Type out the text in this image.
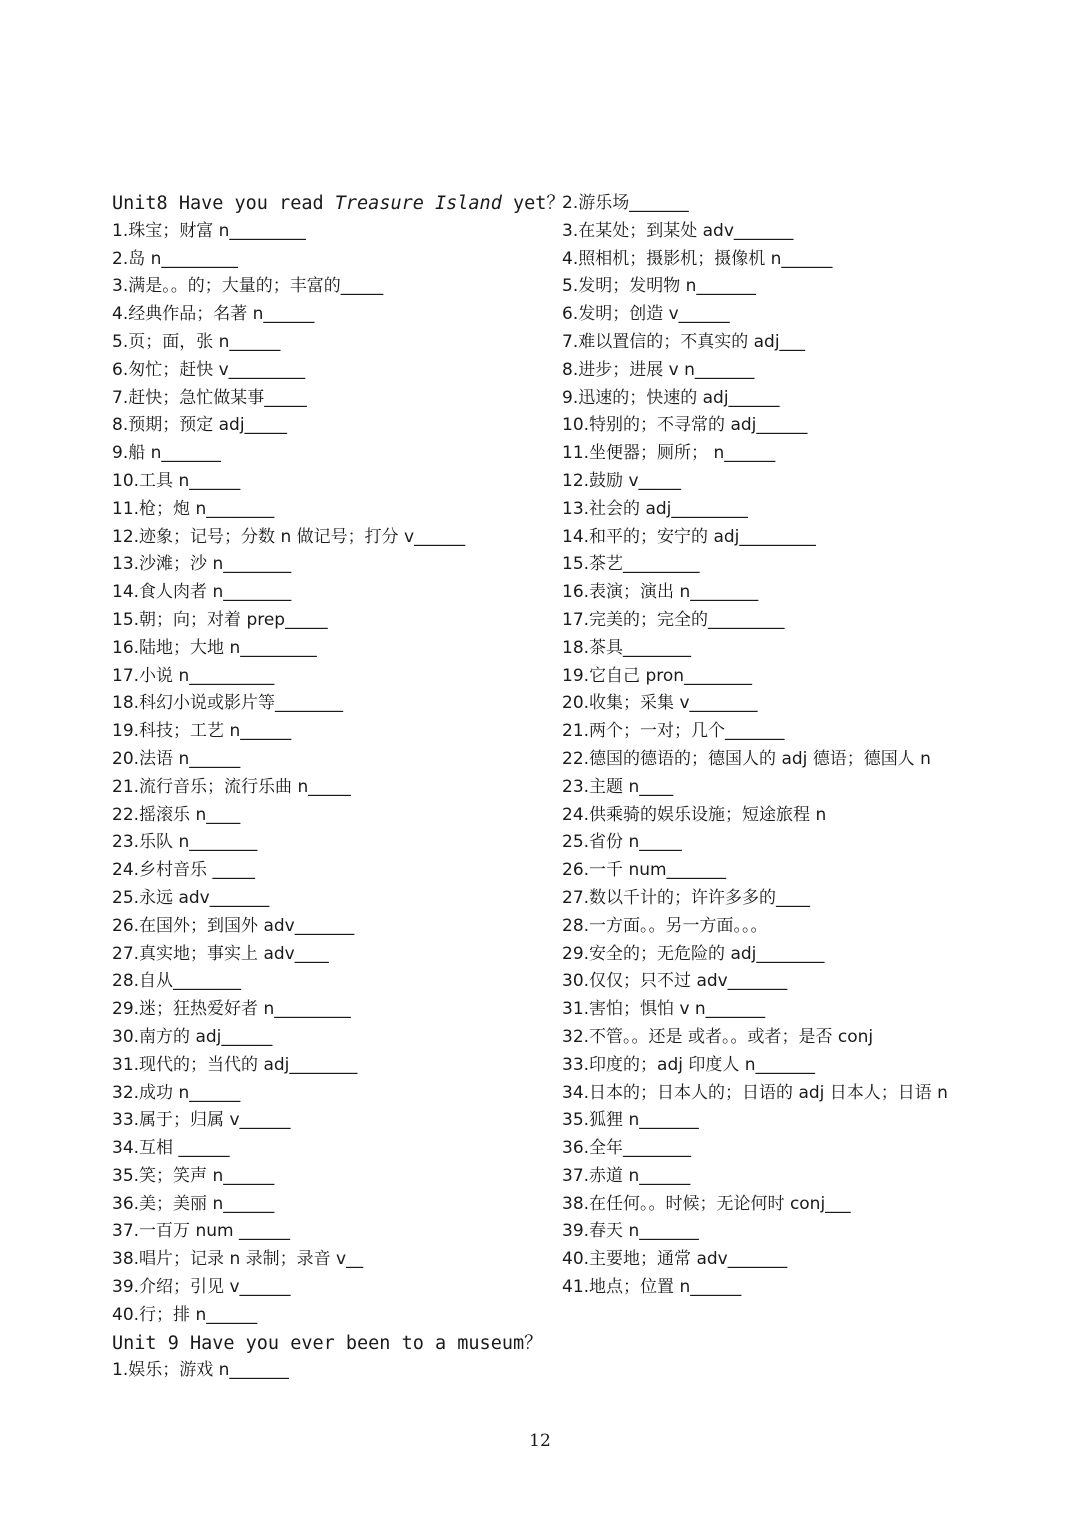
Unit8 Have you read Treasure Island yet？
1.珠宝；财富 n_________
2.岛 n_________
3.满是。。的；大量的；丰富的_____
4.经典作品；名著 n______
5.页；面，张 n______
6.匆忙；赶快 v_________
7.赶快；急忙做某事_____
8.预期；预定 adj_____
9.船 n_______
10.工具 n______
11.枪；炮 n________
12.迹象；记号；分数 n 做记号；打分 v______
13.沙滩；沙 n________
14.食人肉者 n________
15.朝；向；对着 prep_____
16.陆地；大地 n_________
17.小说 n__________
18.科幻小说或影片等________
19.科技；工艺 n______
20.法语 n______
21.流行音乐；流行乐曲 n_____
22.摇滚乐 n____
23.乐队 n________
24.乡村音乐 _____
25.永远 adv_______
26.在国外；到国外 adv_______
27.真实地；事实上 adv____
28.自从________
29.迷；狂热爱好者 n_________
30.南方的 adj______
31.现代的；当代的 adj________
32.成功 n______
33.属于；归属 v______
34.互相 ______
35.笑；笑声 n______
36.美；美丽 n______
37.一百万 num ______
38.唱片；记录 n 录制；录音 v__
39.介绍；引见 v______
40.行；排 n______
Unit 9 Have you ever been to a museum？
1.娱乐；游戏 n_______
2.游乐场_______
3.在某处；到某处 adv_______
4.照相机；摄影机；摄像机 n______
5.发明；发明物 n_______
6.发明；创造 v______
7.难以置信的；不真实的 adj___
8.进步；进展 v n_______
9.迅速的；快速的 adj______
10.特别的；不寻常的 adj______
11.坐便器；厕所； n______
12.鼓励 v_____
13.社会的 adj_________
14.和平的；安宁的 adj_________
15.茶艺_________
16.表演；演出 n________
17.完美的；完全的_________
18.茶具________
19.它自己 pron________
20.收集；采集 v________
21.两个；一对；几个_______
22.德国的德语的；德国人的 adj 德语；德国人 n
23.主题 n____
24.供乘骑的娱乐设施；短途旅程 n
25.省份 n_____
26.一千 num_______
27.数以千计的；许许多多的____
28.一方面。。另一方面。。。
29.安全的；无危险的 adj________
30.仅仅；只不过 adv_______
31.害怕；惧怕 v n_______
32.不管。。还是 或者。。或者；是否 conj
33.印度的；adj 印度人 n_______
34.日本的；日本人的；日语的 adj 日本人；日语 n
35.狐狸 n_______
36.全年________
37.赤道 n______
38.在任何。。时候；无论何时 conj___
39.春天 n_______
40.主要地；通常 adv_______
41.地点；位置 n______
12
